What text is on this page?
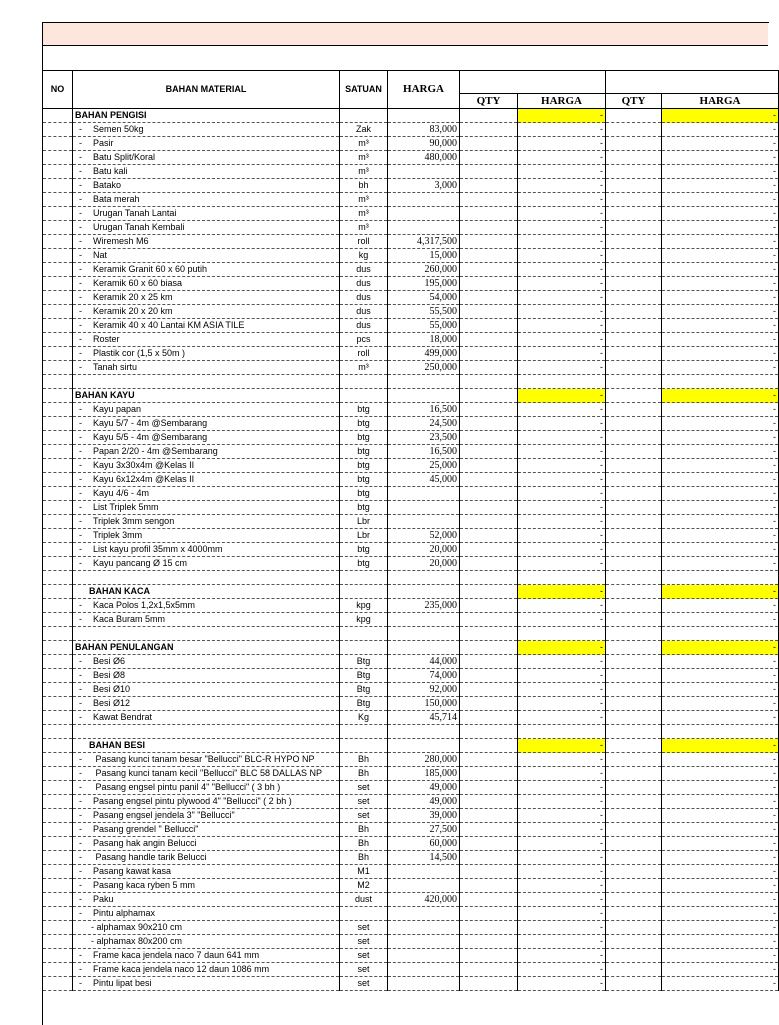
NO	BAHAN MATERIAL	SATUAN	HARGA				
				QTY	HARGA	QTY	HARGA
	BAHAN PENGISI				-		-
	- Semen 50kg	Zak	83,000		-		-
	- Pasir	m³	90,000		-		-
	- Batu Split/Koral	m³	480,000		-		-
	- Batu kali	m³			-		-
	- Batako	bh	3,000		-		-
	- Bata merah	m³			-		-
	- Urugan Tanah Lantai	m³			-		-
	- Urugan Tanah Kembali	m³			-		-
	- Wiremesh M6	roll	4,317,500		-		-
	- Nat	kg	15,000		-		-
	- Keramik Granit 60 x 60 putih	dus	260,000		-		-
	- Keramik 60 x 60 biasa	dus	195,000		-		-
	- Keramik 20 x 25 km	dus	54,000		-		-
	- Keramik 20 x 20 km	dus	55,500		-		-
	- Keramik 40 x 40 Lantai KM ASIA TILE	dus	55,000		-		-
	- Roster	pcs	18,000		-		-
	- Plastik cor (1,5 x 50m )	roll	499,000		-		-
	- Tanah sirtu	m³	250,000		-		-

	BAHAN KAYU				-		-
	- Kayu papan	btg	16,500		-		-
	- Kayu 5/7 - 4m @Sembarang	btg	24,500		-		-
	- Kayu 5/5 - 4m @Sembarang	btg	23,500		-		-
	- Papan 2/20 - 4m @Sembarang	btg	16,500		-		-
	- Kayu 3x30x4m @Kelas II	btg	25,000		-		-
	- Kayu 6x12x4m @Kelas II	btg	45,000		-		-
	- Kayu 4/6 - 4m	btg			-		-
	- List Triplek 5mm	btg			-		-
	- Triplek 3mm sengon	Lbr			-		-
	- Triplek 3mm	Lbr	52,000		-		-
	- List kayu profil 35mm x 4000mm	btg	20,000		-		-
	- Kayu pancang Ø 15 cm	btg	20,000		-		-

	BAHAN KACA				-		-
	- Kaca Polos 1,2x1,5x5mm	kpg	235,000		-		-
	- Kaca Buram 5mm	kpg			-		-

	BAHAN PENULANGAN				-		-
	- Besi Ø6	Btg	44,000		-		-
	- Besi Ø8	Btg	74,000		-		-
	- Besi Ø10	Btg	92,000		-		-
	- Besi Ø12	Btg	150,000		-		-
	- Kawat Bendrat	Kg	45,714		-		-

	BAHAN BESI				-		-
	- Pasang kunci tanam besar "Bellucci" BLC-R HYPO NP	Bh	280,000		-		-
	- Pasang kunci tanam kecil "Bellucci" BLC 58 DALLAS NP	Bh	185,000		-		-
	- Pasang engsel pintu panil 4" "Bellucci" ( 3 bh )	set	49,000		-		-
	- Pasang engsel pintu plywood 4" "Bellucci" ( 2 bh )	set	49,000		-		-
	- Pasang engsel jendela 3" "Bellucci"	set	39,000		-		-
	- Pasang grendel " Bellucci"	Bh	27,500		-		-
	- Pasang hak angin Belucci	Bh	60,000		-		-
	- Pasang handle tarik Belucci	Bh	14,500		-		-
	- Pasang kawat kasa	M1			-		-
	- Pasang kaca ryben 5 mm	M2			-		-
	- Paku	dust	420,000		-		-
	- Pintu alphamax				-		-
	- alphamax 90x210 cm	set			-		-
	- alphamax 80x200 cm	set			-		-
	- Frame kaca jendela naco 7 daun 641 mm	set			-		-
	- Frame kaca jendela naco 12 daun 1086 mm	set			-		-
	- Pintu lipat besi	set			-		-
